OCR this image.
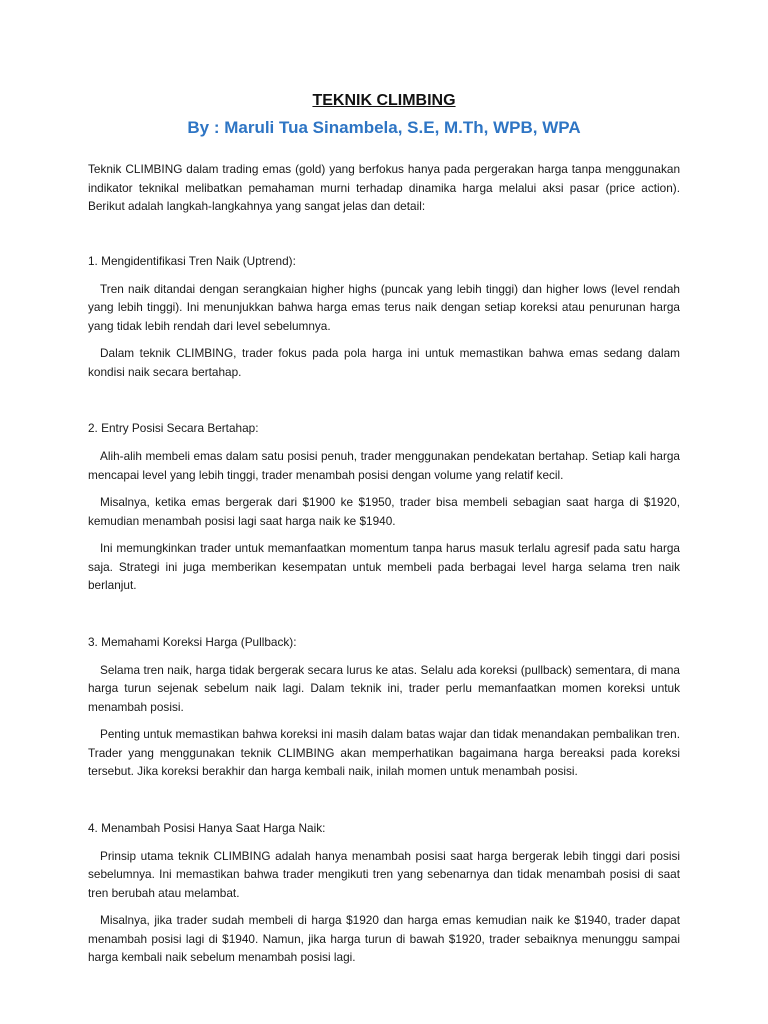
TEKNIK CLIMBING
By : Maruli Tua Sinambela, S.E, M.Th, WPB, WPA

Teknik CLIMBING dalam trading emas (gold) yang berfokus hanya pada pergerakan harga tanpa menggunakan indikator teknikal melibatkan pemahaman murni terhadap dinamika harga melalui aksi pasar (price action). Berikut adalah langkah-langkahnya yang sangat jelas dan detail:

1. Mengidentifikasi Tren Naik (Uptrend):

Tren naik ditandai dengan serangkaian higher highs (puncak yang lebih tinggi) dan higher lows (level rendah yang lebih tinggi). Ini menunjukkan bahwa harga emas terus naik dengan setiap koreksi atau penurunan harga yang tidak lebih rendah dari level sebelumnya.

Dalam teknik CLIMBING, trader fokus pada pola harga ini untuk memastikan bahwa emas sedang dalam kondisi naik secara bertahap.

2. Entry Posisi Secara Bertahap:

Alih-alih membeli emas dalam satu posisi penuh, trader menggunakan pendekatan bertahap. Setiap kali harga mencapai level yang lebih tinggi, trader menambah posisi dengan volume yang relatif kecil.

Misalnya, ketika emas bergerak dari $1900 ke $1950, trader bisa membeli sebagian saat harga di $1920, kemudian menambah posisi lagi saat harga naik ke $1940.

Ini memungkinkan trader untuk memanfaatkan momentum tanpa harus masuk terlalu agresif pada satu harga saja. Strategi ini juga memberikan kesempatan untuk membeli pada berbagai level harga selama tren naik berlanjut.

3. Memahami Koreksi Harga (Pullback):

Selama tren naik, harga tidak bergerak secara lurus ke atas. Selalu ada koreksi (pullback) sementara, di mana harga turun sejenak sebelum naik lagi. Dalam teknik ini, trader perlu memanfaatkan momen koreksi untuk menambah posisi.

Penting untuk memastikan bahwa koreksi ini masih dalam batas wajar dan tidak menandakan pembalikan tren. Trader yang menggunakan teknik CLIMBING akan memperhatikan bagaimana harga bereaksi pada koreksi tersebut. Jika koreksi berakhir dan harga kembali naik, inilah momen untuk menambah posisi.

4. Menambah Posisi Hanya Saat Harga Naik:

Prinsip utama teknik CLIMBING adalah hanya menambah posisi saat harga bergerak lebih tinggi dari posisi sebelumnya. Ini memastikan bahwa trader mengikuti tren yang sebenarnya dan tidak menambah posisi di saat tren berubah atau melambat.

Misalnya, jika trader sudah membeli di harga $1920 dan harga emas kemudian naik ke $1940, trader dapat menambah posisi lagi di $1940. Namun, jika harga turun di bawah $1920, trader sebaiknya menunggu sampai harga kembali naik sebelum menambah posisi lagi.
